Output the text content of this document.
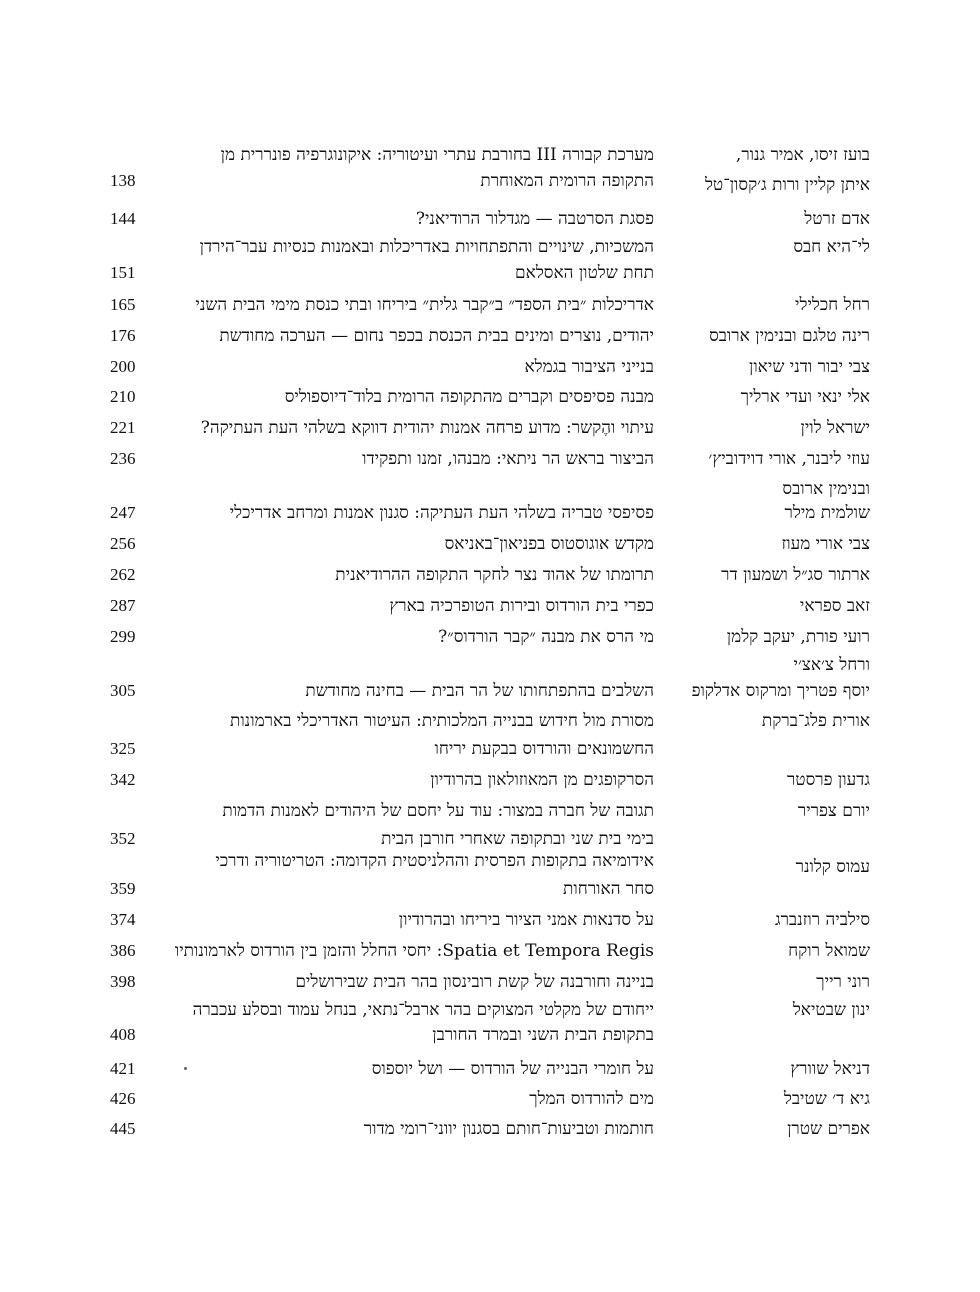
בועז זיסו, אמיר גנור,
איתן קליין ורות ג׳קסון־טל
מערכת קבורה III בחורבת עתרי ועיטוריה: איקונוגרפיה פונררית מן
התקופה הרומית המאוחרת
138
אדם זרטל
פסגת הסרטבה — מגדלור הרודיאני?
144
לי־היא חבס
המשכיות, שינויים והתפתחויות באדריכלות ובאמנות כנסיות עבר־הירדן
תחת שלטון האסלאם
151
רחל חכלילי
אדריכלות ״בית הספד״ ב״קבר גלית״ ביריחו ובתי כנסת מימי הבית השני
165
רינה טלגם ובנימין ארובס
יהודים, נוצרים ומינים בבית הכנסת בכפר נחום — הערכה מחודשת
176
צבי יבור ודני שיאון
בנייני הציבור בגמלא
200
אלי ינאי ועדי ארליך
מבנה פסיפסים וקברים מהתקופה הרומית בלוד־דיוספוליס
210
ישראל לוין
עיתוי והֶקשר: מדוע פרחה אמנות יהודית דווקא בשלהי העת העתיקה?
221
עוזי ליבנר, אורי דוידוביץ׳
ובנימין ארובס
הביצור בראש הר ניתאי: מבנהו, זמנו ותפקידו
236
שולמית מילר
פסיפסי טבריה בשלהי העת העתיקה: סגנון אמנות ומרחב אדריכלי
247
צבי אורי מעוז
מקדש אוגוסטוס בפניאון־באניאס
256
ארתור סג״ל ושמעון דר
תרומתו של אהוד נצר לחקר התקופה ההרודיאנית
262
זאב ספראי
כפרי בית הורדוס ובירות הטופרכיה בארץ
287
רועי פורת, יעקב קלמן
ורחל צ׳אצ׳י
מי הרס את מבנה ״קבר הורדוס״?
299
יוסף פטריך ומרקוס אדלקופ
השלבים בהתפתחותו של הר הבית — בחינה מחודשת
305
אורית פלג־ברקת
מסורת מול חידוש בבנייה המלכותית: העיטור האדריכלי בארמונות
החשמונאים והורדוס בבקעת יריחו
325
גדעון פרסטר
הסרקופגים מן המאוזולאון בהרודיון
342
יורם צפריר
תגובה של חברה במצור: עוד על יחסם של היהודים לאמנות הדמות
בימי בית שני ובתקופה שאחרי חורבן הבית
352
עמוס קלונר
אידומיאה בתקופות הפרסית וההלניסטית הקדומה: הטריטוריה ודרכי
סחר האורחות
359
סילביה רוזנברג
על סדנאות אמני הציור ביריחו ובהרודיון
374
שמואל רוקח
Spatia et Tempora Regis: יחסי החלל והזמן בין הורדוס לארמונותיו
386
רוני רייך
בניינה וחורבנה של קשת רובינסון בהר הבית שבירושלים
398
ינון שבטיאל
ייחודם של מקלטי המצוקים בהר ארבל־נתאי, בנחל עמוד ובסלע עכברה
בתקופת הבית השני ובמרד החורבן
408
דניאל שוורץ
על חומרי הבנייה של הורדוס — ושל יוספוס
421
גיא ד׳ שטיבל
מים להורדוס המלך
426
אפרים שטרן
חותמות וטביעות־חותם בסגנון יווני־רומי מדור
445
